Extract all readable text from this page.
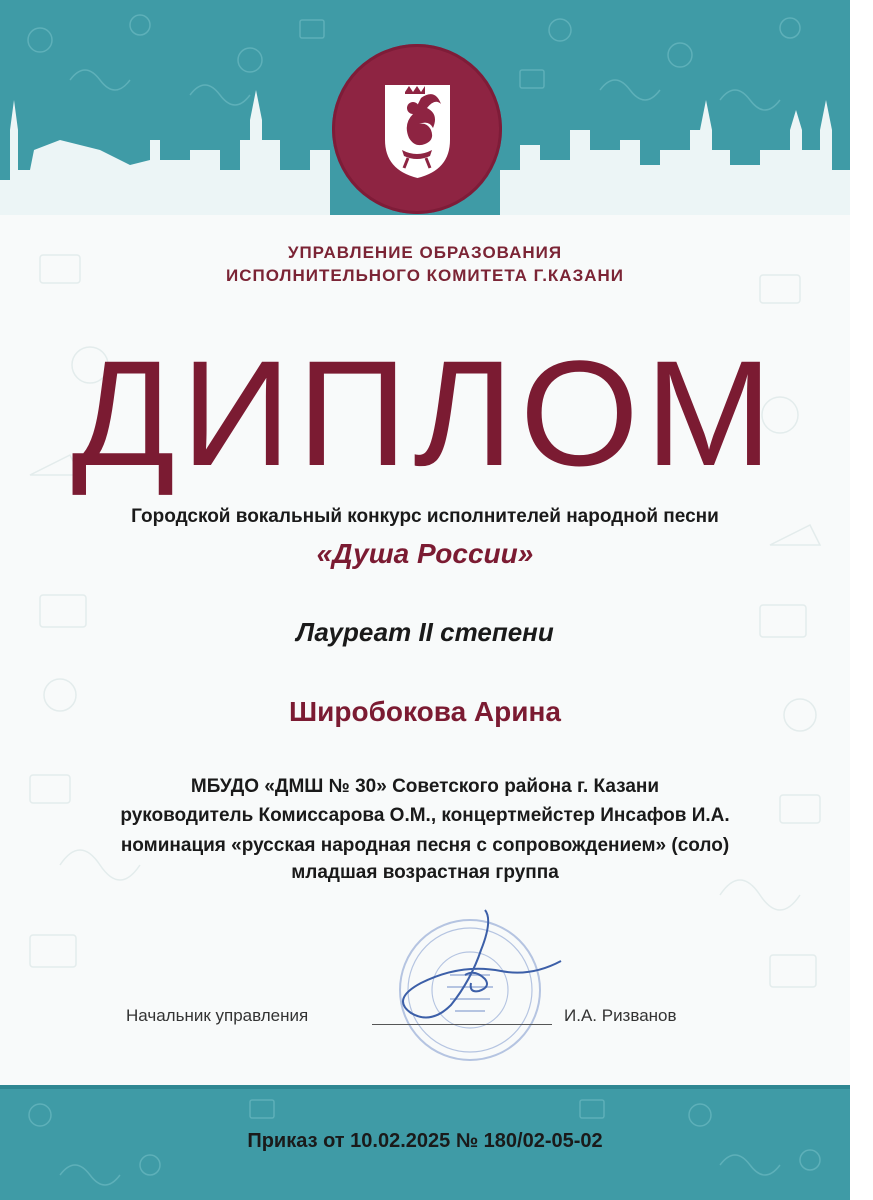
УПРАВЛЕНИЕ ОБРАЗОВАНИЯ
ИСПОЛНИТЕЛЬНОГО КОМИТЕТА Г.КАЗАНИ
ДИПЛОМ
Городской вокальный конкурс исполнителей народной песни
«Душа России»
Лауреат II степени
Широбокова Арина
МБУДО «ДМШ № 30» Советского района г. Казани
руководитель Комиссарова О.М., концертмейстер Инсафов И.А.
номинация «русская народная песня с сопровождением» (соло)
младшая возрастная группа
Начальник управления	И.А. Ризванов
Приказ от 10.02.2025 № 180/02-05-02
